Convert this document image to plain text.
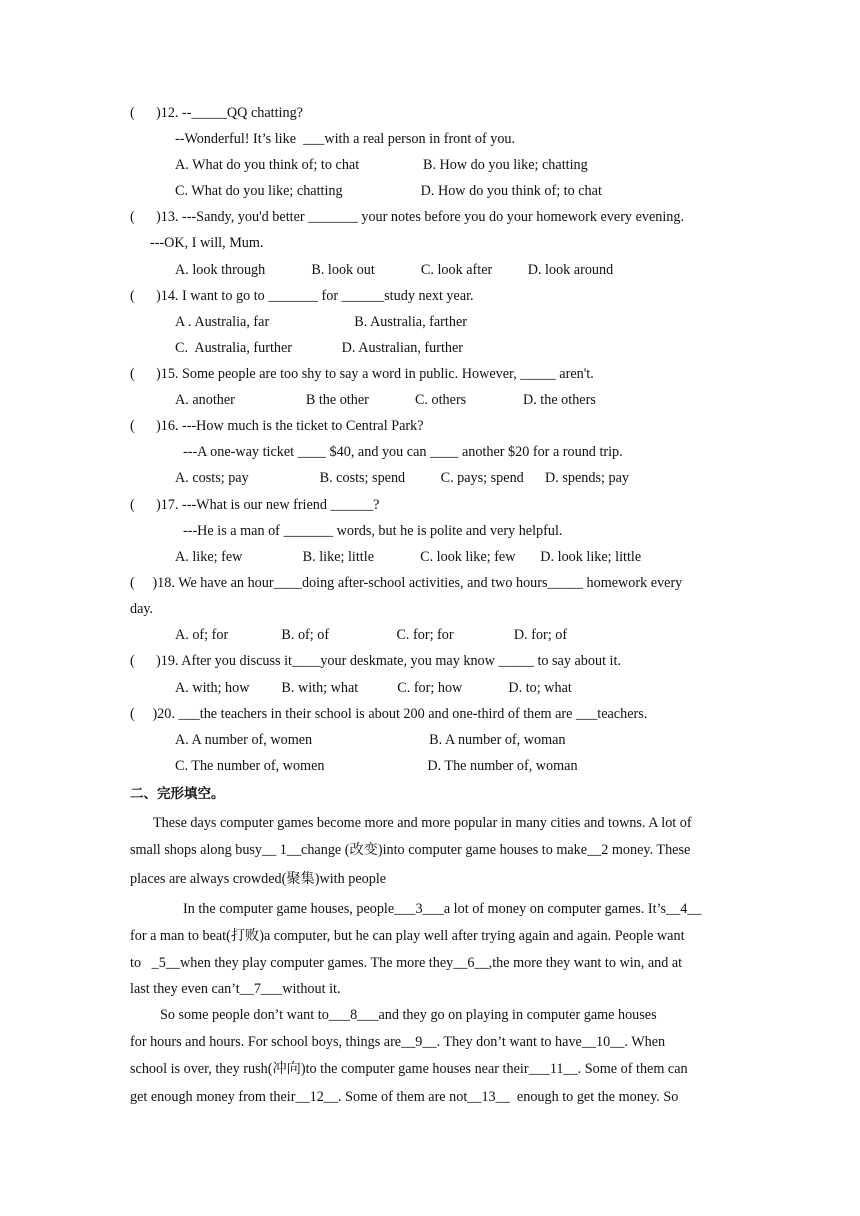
(      )12. --_____QQ chatting?
--Wonderful! It’s like  ___with a real person in front of you.
A. What do you think of; to chat                  B. How do you like; chatting
C. What do you like; chatting                      D. How do you think of; to chat
(      )13. ---Sandy, you'd better _______ your notes before you do your homework every evening.
---OK, I will, Mum.
A. look through             B. look out             C. look after          D. look around
(      )14. I want to go to _______ for ______study next year.
A . Australia, far                        B. Australia, farther
C.  Australia, further              D. Australian, further
(      )15. Some people are too shy to say a word in public. However, _____ aren't.
A. another                    B the other             C. others                D. the others
(      )16. ---How much is the ticket to Central Park?
---A one-way ticket ____ $40, and you can ____ another $20 for a round trip.
A. costs; pay                    B. costs; spend          C. pays; spend      D. spends; pay
(      )17. ---What is our new friend ______?
---He is a man of _______ words, but he is polite and very helpful.
A. like; few                 B. like; little             C. look like; few       D. look like; little
(     )18. We have an hour____doing after-school activities, and two hours_____ homework every
day.
A. of; for               B. of; of                   C. for; for                 D. for; of
(      )19. After you discuss it____your deskmate, you may know _____ to say about it.
A. with; how         B. with; what           C. for; how             D. to; what
(     )20. ___the teachers in their school is about 200 and one-third of them are ___teachers.
A. A number of, women                                 B. A number of, woman
C. The number of, women                             D. The number of, woman
二、完形填空。
These days computer games become more and more popular in many cities and towns. A lot of
small shops along busy__ 1__change (改变)into computer game houses to make__2 money. These
places are always crowded(聚集)with people
In the computer game houses, people___3___a lot of money on computer games. It’s__4__
for a man to beat(打败)a computer, but he can play well after trying again and again. People want
to   _5__when they play computer games. The more they__6__,the more they want to win, and at
last they even can’t__7___without it.
So some people don’t want to___8___and they go on playing in computer game houses
for hours and hours. For school boys, things are__9__. They don’t want to have__10__. When
school is over, they rush(冲向)to the computer game houses near their___11__. Some of them can
get enough money from their__12__. Some of them are not__13__  enough to get the money. So
